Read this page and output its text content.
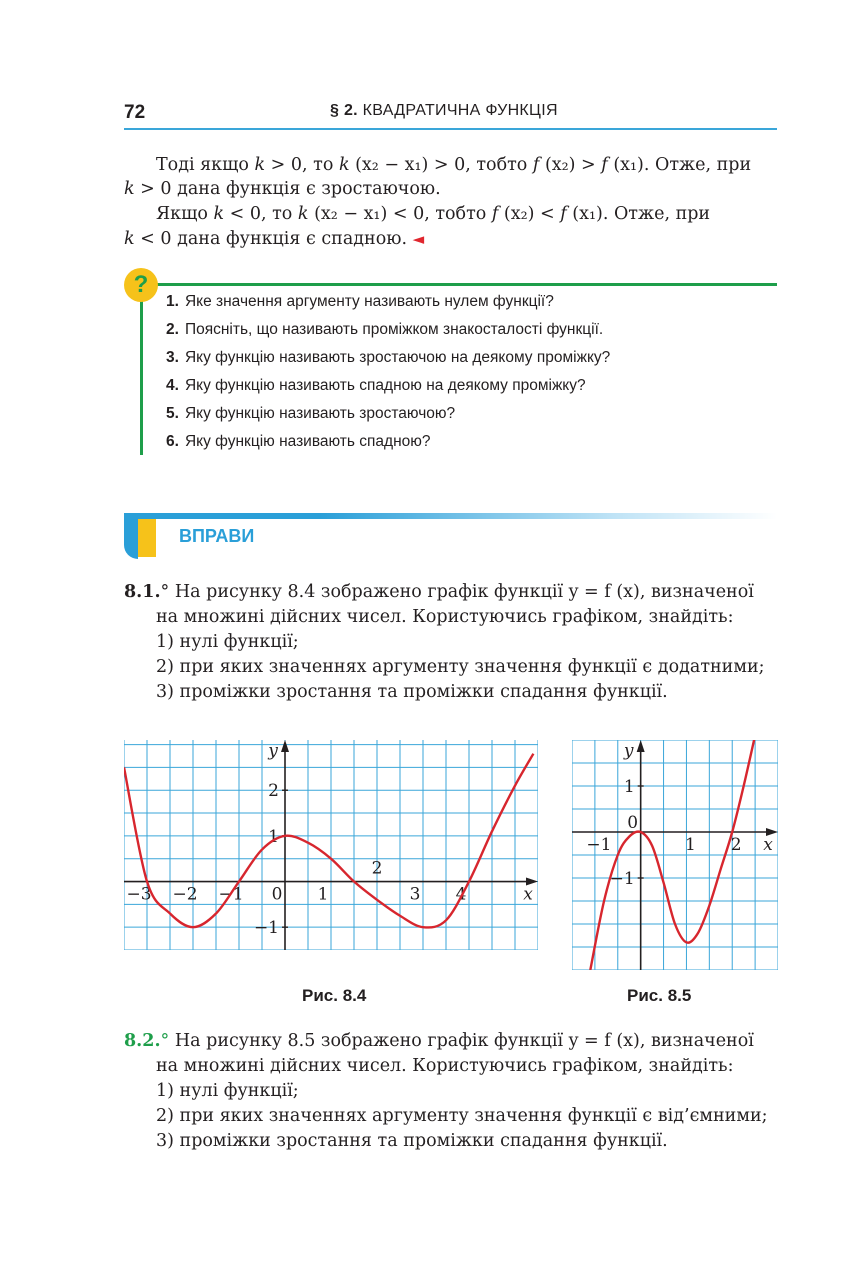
72	§ 2. КВАДРАТИЧНА ФУНКЦІЯ
Тоді якщо k > 0, то k (x₂ − x₁) > 0, тобто f (x₂) > f (x₁). Отже, при
k > 0 дана функція є зростаючою.
Якщо k < 0, то k (x₂ − x₁) < 0, тобто f (x₂) < f (x₁). Отже, при
k < 0 дана функція є спадною. ◄
?
1. Яке значення аргументу називають нулем функції?
2. Поясніть, що називають проміжком знакосталості функції.
3. Яку функцію називають зростаючою на деякому проміжку?
4. Яку функцію називають спадною на деякому проміжку?
5. Яку функцію називають зростаючою?
6. Яку функцію називають спадною?
ВПРАВИ
8.1.° На рисунку 8.4 зображено графік функції y = f (x), визначеної
на множині дійсних чисел. Користуючись графіком, знайдіть:
1) нулі функції;
2) при яких значеннях аргументу значення функції є додатними;
3) проміжки зростання та проміжки спадання функції.
−3 −2 −1 0 1	3 4
2
1
−1
x
y
2
Рис. 8.4
−1	1 2
1
−1
x
y
0
Рис. 8.5
8.2.° На рисунку 8.5 зображено графік функції y = f (x), визначеної
на множині дійсних чисел. Користуючись графіком, знайдіть:
1) нулі функції;
2) при яких значеннях аргументу значення функції є від’ємними;
3) проміжки зростання та проміжки спадання функції.
